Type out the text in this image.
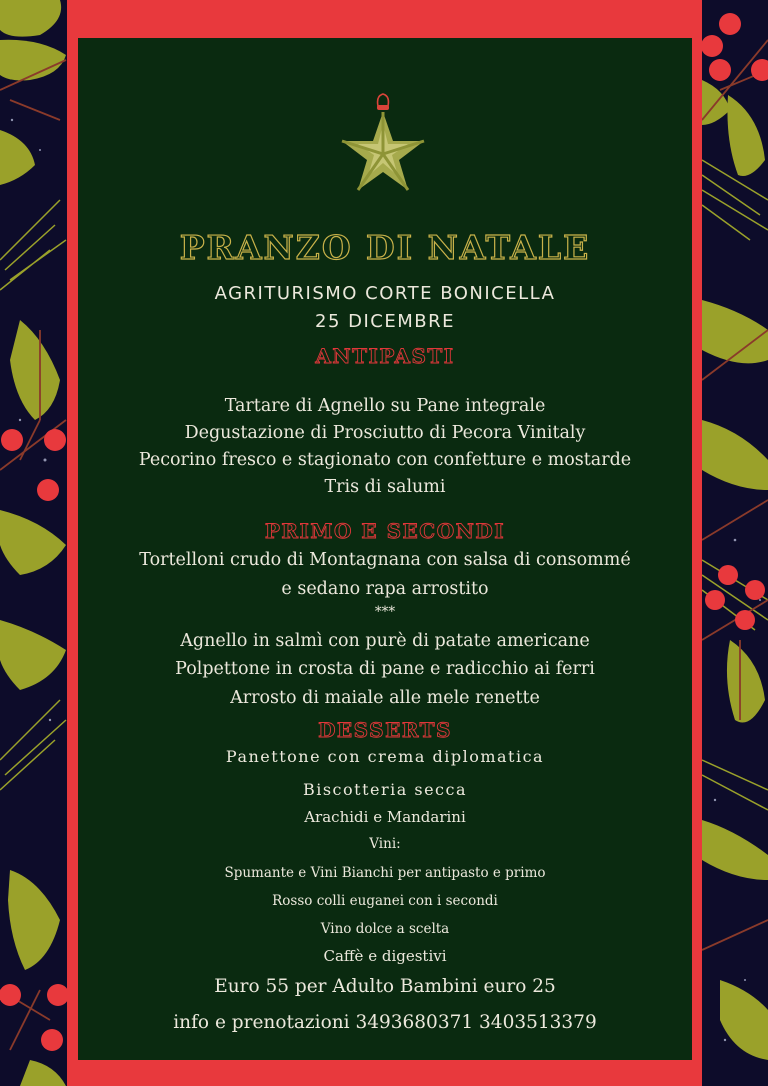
PRANZO DI NATALE
AGRITURISMO CORTE BONICELLA
25 DICEMBRE
ANTIPASTI
Tartare di Agnello su Pane integrale
Degustazione di Prosciutto di Pecora Vinitaly
Pecorino fresco e stagionato con confetture e mostarde
Tris di salumi
PRIMO E SECONDI
Tortelloni crudo di Montagnana con salsa di consommé
e sedano rapa arrostito
***
Agnello in salmì con purè di patate americane
Polpettone in crosta di pane e radicchio ai ferri
Arrosto di maiale alle mele renette
DESSERTS
Panettone con crema diplomatica
Biscotteria secca
Arachidi e Mandarini
Vini:
Spumante e Vini Bianchi per antipasto e primo
Rosso colli euganei con i secondi
Vino dolce a scelta
Caffè e digestivi
Euro 55 per Adulto Bambini euro 25
info e prenotazioni 3493680371 3403513379
